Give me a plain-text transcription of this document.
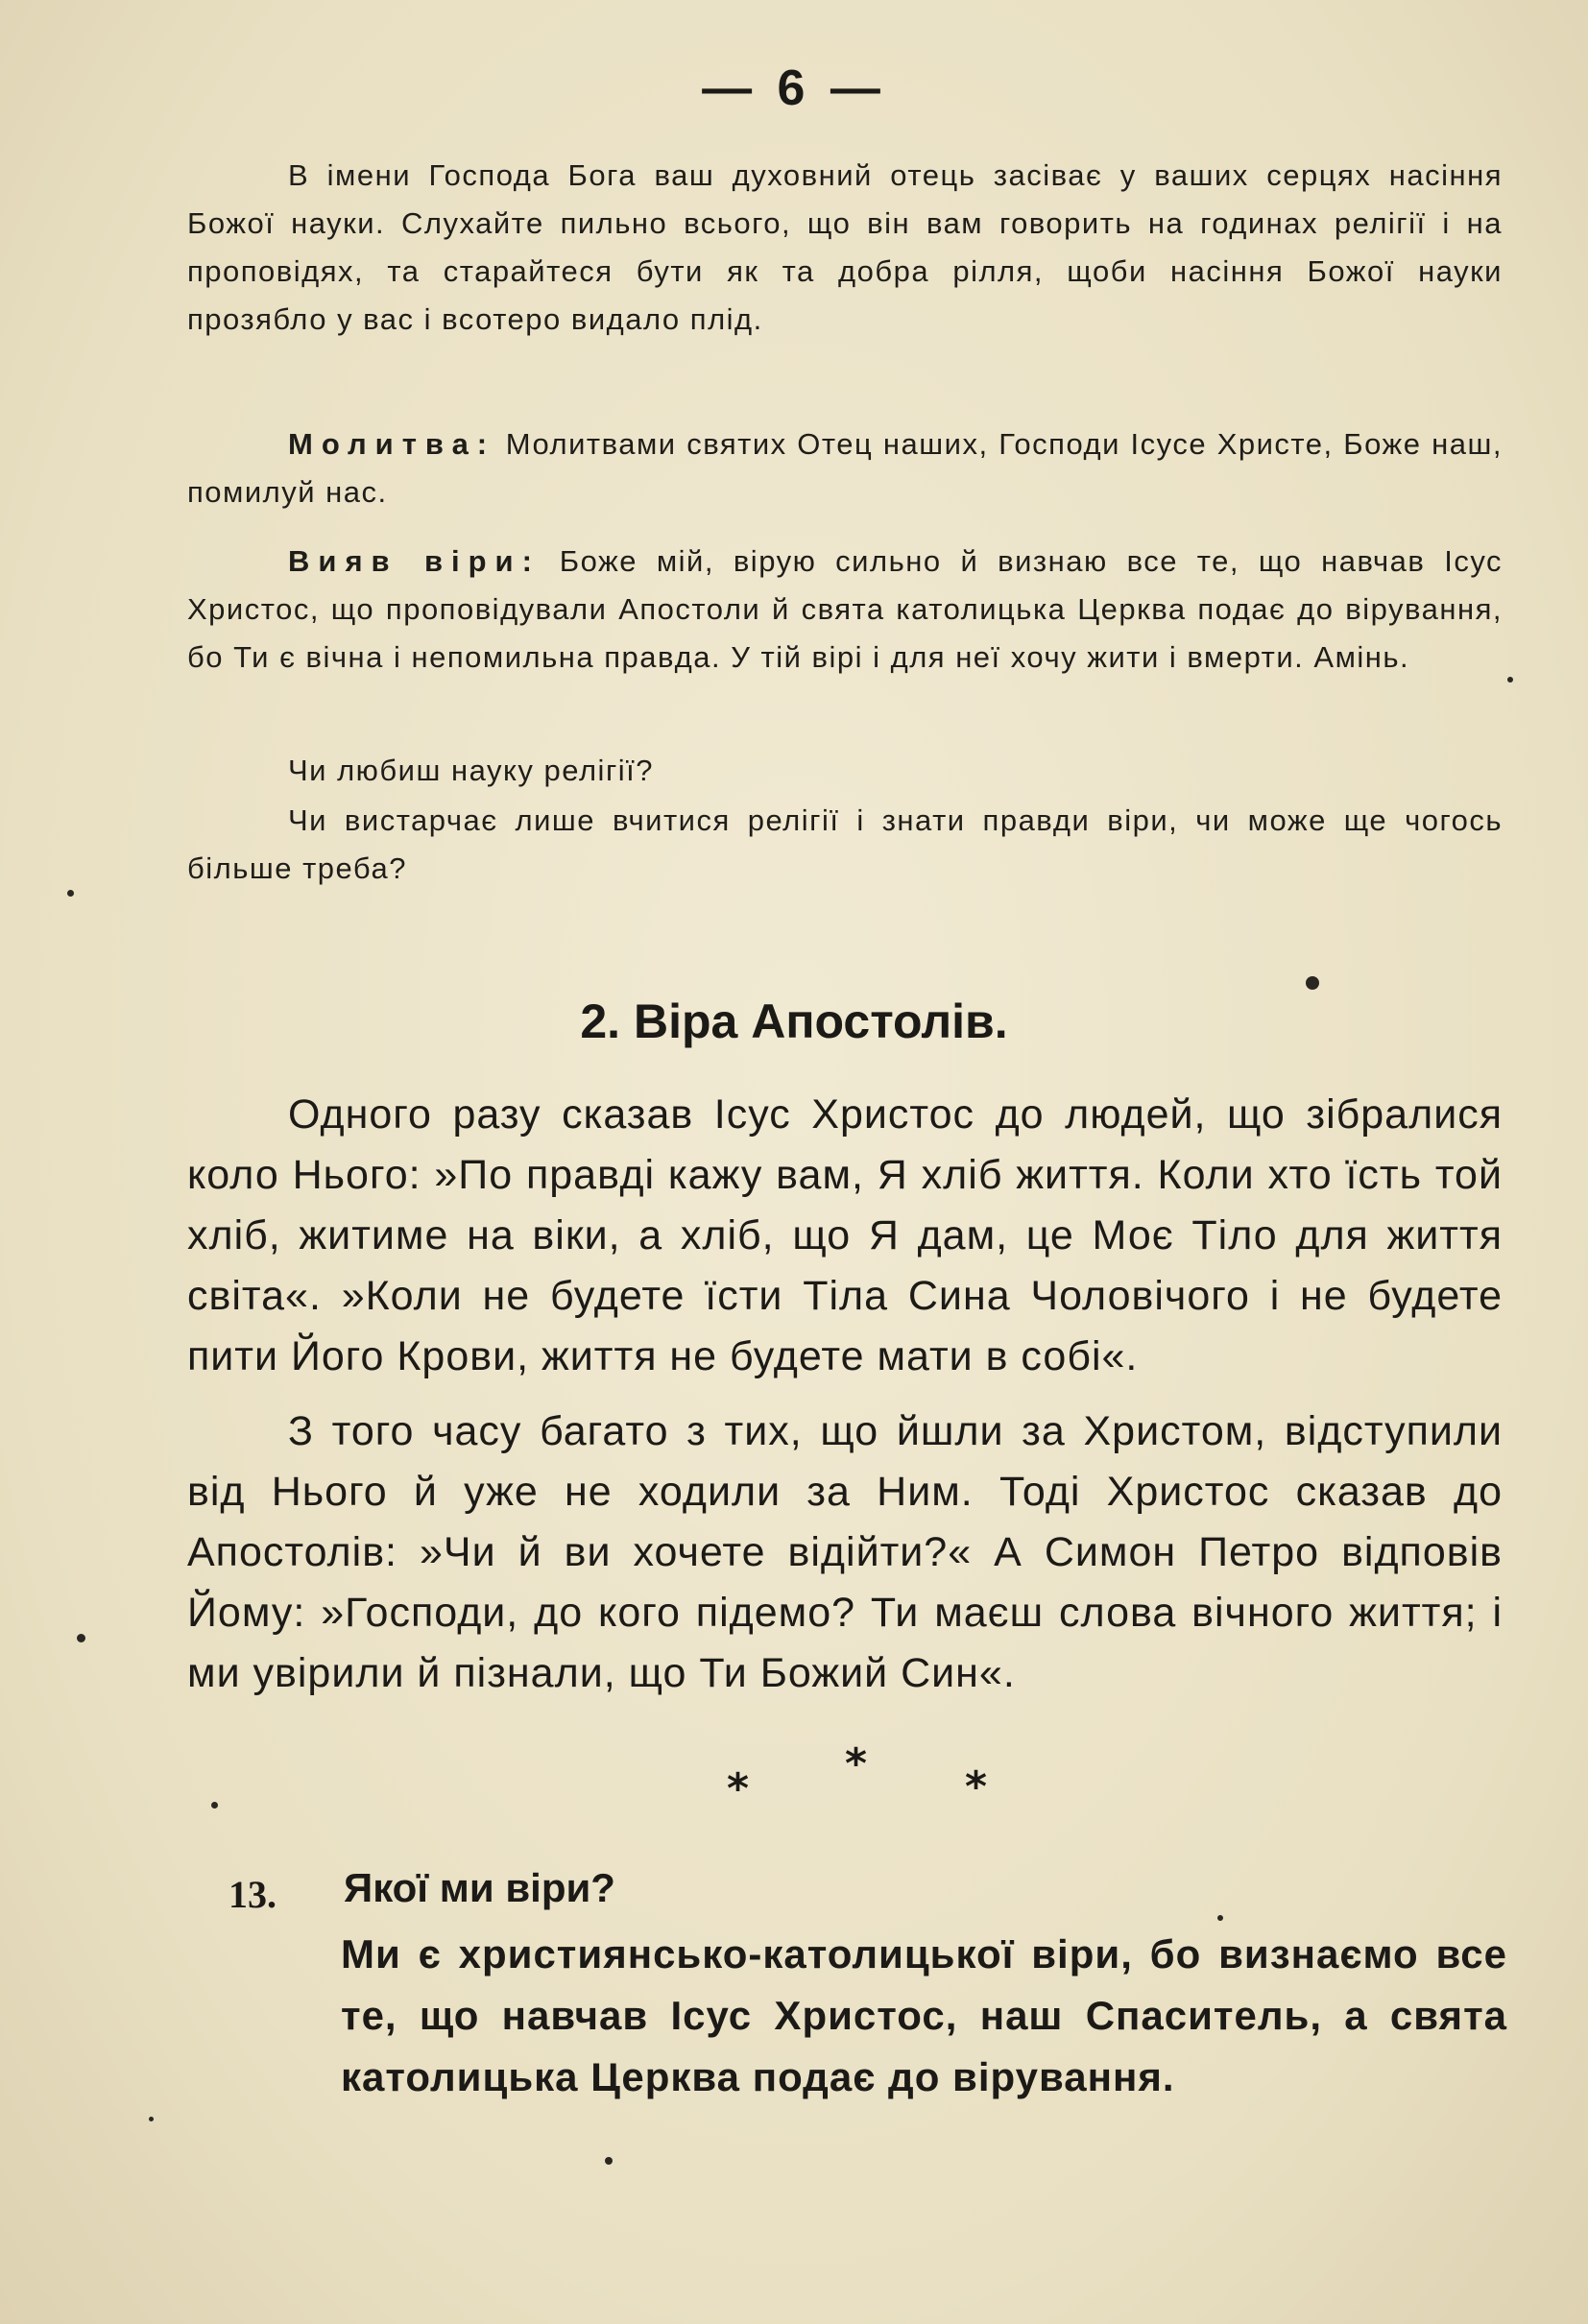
— 6 —

В імени Господа Бога ваш духовний отець засіває у ваших серцях насіння Божої науки. Слухайте пильно всього, що він вам говорить на годинах релігії і на проповідях, та старайтеся бути як та добра рілля, щоби насіння Божої науки прозябло у вас і всотеро видало плід.

Молитва: Молитвами святих Отец наших, Господи Ісусе Христе, Боже наш, помилуй нас.

Вияв віри: Боже мій, вірую сильно й визнаю все те, що навчав Ісус Христос, що проповідували Апостоли й свята католицька Церква подає до вірування, бо Ти є вічна і непомильна правда. У тій вірі і для неї хочу жити і вмерти. Амінь.

Чи любиш науку релігії?

Чи вистарчає лише вчитися релігії і знати правди віри, чи може ще чогось більше треба?

2. Віра Апостолів.

Одного разу сказав Ісус Христос до людей, що зібралися коло Нього: »По правді кажу вам, Я хліб життя. Коли хто їсть той хліб, житиме на віки, а хліб, що Я дам, це Моє Тіло для життя світа«. »Коли не будете їсти Тіла Сина Чоловічого і не будете пити Його Крови, життя не будете мати в собі«.

З того часу багато з тих, що йшли за Христом, відступили від Нього й уже не ходили за Ним. Тоді Христос сказав до Апостолів: »Чи й ви хочете відійти?« А Симон Петро відповів Йому: »Господи, до кого підемо? Ти маєш слова вічного життя; і ми увірили й пізнали, що Ти Божий Син«.

*
* *
13. Якої ми віри?

Ми є християнсько-католицької віри, бо визнаємо все те, що навчав Ісус Христос, наш Спаситель, а свята католицька Церква подає до вірування.
